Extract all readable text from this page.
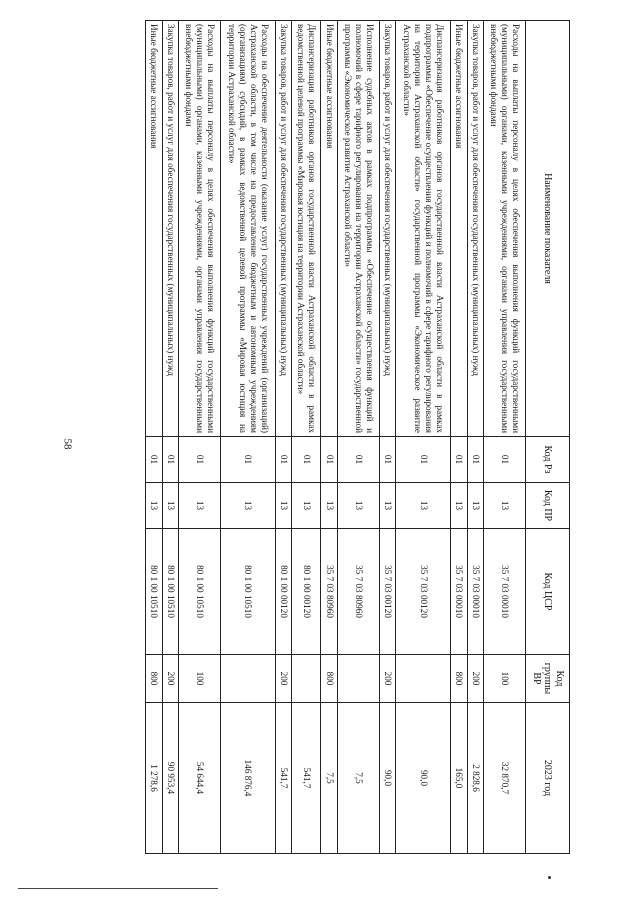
58
Наименование показателя	Код Рз	Код ПР	Код ЦСР	Код группы ВР	2023 год
Расходы на выплаты персоналу в целях обеспечения выполнения функций государственными (муниципальными) органами, казенными учреждениями, органами управления государственными внебюджетными фондами	01	13	35 7 03 00010	100	32 870,7
Закупка товаров, работ и услуг для обеспечения государственных (муниципальных) нужд	01	13	35 7 03 00010	200	2 828,6
Иные бюджетные ассигнования	01	13	35 7 03 00010	800	165,0
Диспансеризация работников органов государственной власти Астраханской области в рамках подпрограммы «Обеспечение осуществления функций и полномочий в сфере тарифного регулирования на территории Астраханской области» государственной программы «Экономическое развитие Астраханской области»	01	13	35 7 03 00120		90,0
Закупка товаров, работ и услуг для обеспечения государственных (муниципальных) нужд	01	13	35 7 03 00120	200	90,0
Исполнение судебных актов в рамках подпрограммы «Обеспечение осуществления функций и полномочий в сфере тарифного регулирования на территории Астраханской области» государственной программы «Экономическое развитие Астраханской области»	01	13	35 7 03 80960		7,5
Иные бюджетные ассигнования	01	13	35 7 03 80960	800	7,5
Диспансеризация работников органов государственной власти Астраханской области в рамках ведомственной целевой программы «Мировая юстиция на территории Астраханской области»	01	13	80 1 00 00120		541,7
Закупка товаров, работ и услуг для обеспечения государственных (муниципальных) нужд	01	13	80 1 00 00120	200	541,7
Расходы на обеспечение деятельности (оказание услуг) государственных учреждений (организаций) Астраханской области, в том числе на предоставление бюджетным и автономным учреждениям (организациям) субсидий, в рамках ведомственной целевой программы «Мировая юстиция на территории Астраханской области»	01	13	80 1 00 10510		146 876,4
Расходы на выплаты персоналу в целях обеспечения выполнения функций государственными (муниципальными) органами, казенными учреждениями, органами управления государственными внебюджетными фондами	01	13	80 1 00 10510	100	54 644,4
Закупка товаров, работ и услуг для обеспечения государственных (муниципальных) нужд	01	13	80 1 00 10510	200	90 953,4
Иные бюджетные ассигнования	01	13	80 1 00 10510	800	1 278,6
